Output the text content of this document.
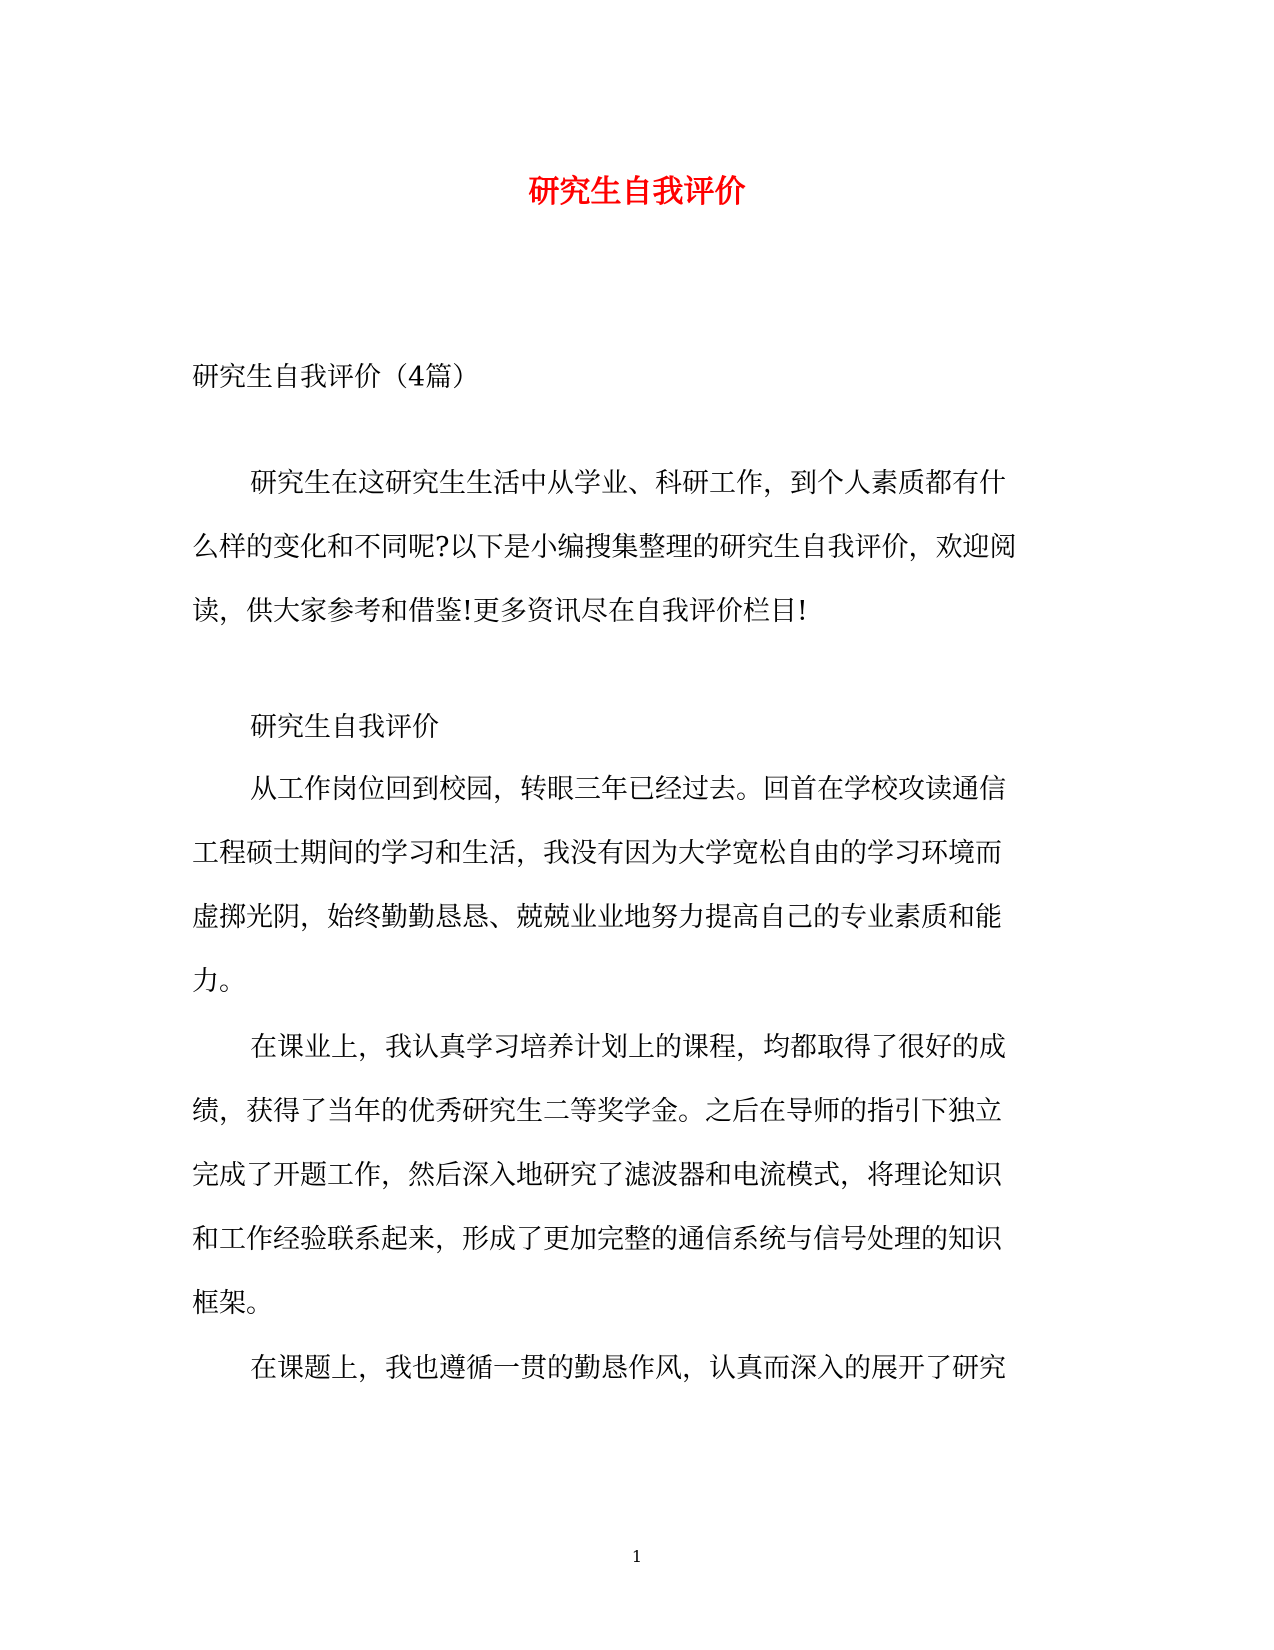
研究生自我评价
研究生自我评价（4篇）
研究生在这研究生生活中从学业、科研工作，到个人素质都有什
么样的变化和不同呢?以下是小编搜集整理的研究生自我评价，欢迎阅
读，供大家参考和借鉴!更多资讯尽在自我评价栏目!
研究生自我评价
从工作岗位回到校园，转眼三年已经过去。回首在学校攻读通信
工程硕士期间的学习和生活，我没有因为大学宽松自由的学习环境而
虚掷光阴，始终勤勤恳恳、兢兢业业地努力提高自己的专业素质和能
力。
在课业上，我认真学习培养计划上的课程，均都取得了很好的成
绩，获得了当年的优秀研究生二等奖学金。之后在导师的指引下独立
完成了开题工作，然后深入地研究了滤波器和电流模式，将理论知识
和工作经验联系起来，形成了更加完整的通信系统与信号处理的知识
框架。
在课题上，我也遵循一贯的勤恳作风，认真而深入的展开了研究
1
